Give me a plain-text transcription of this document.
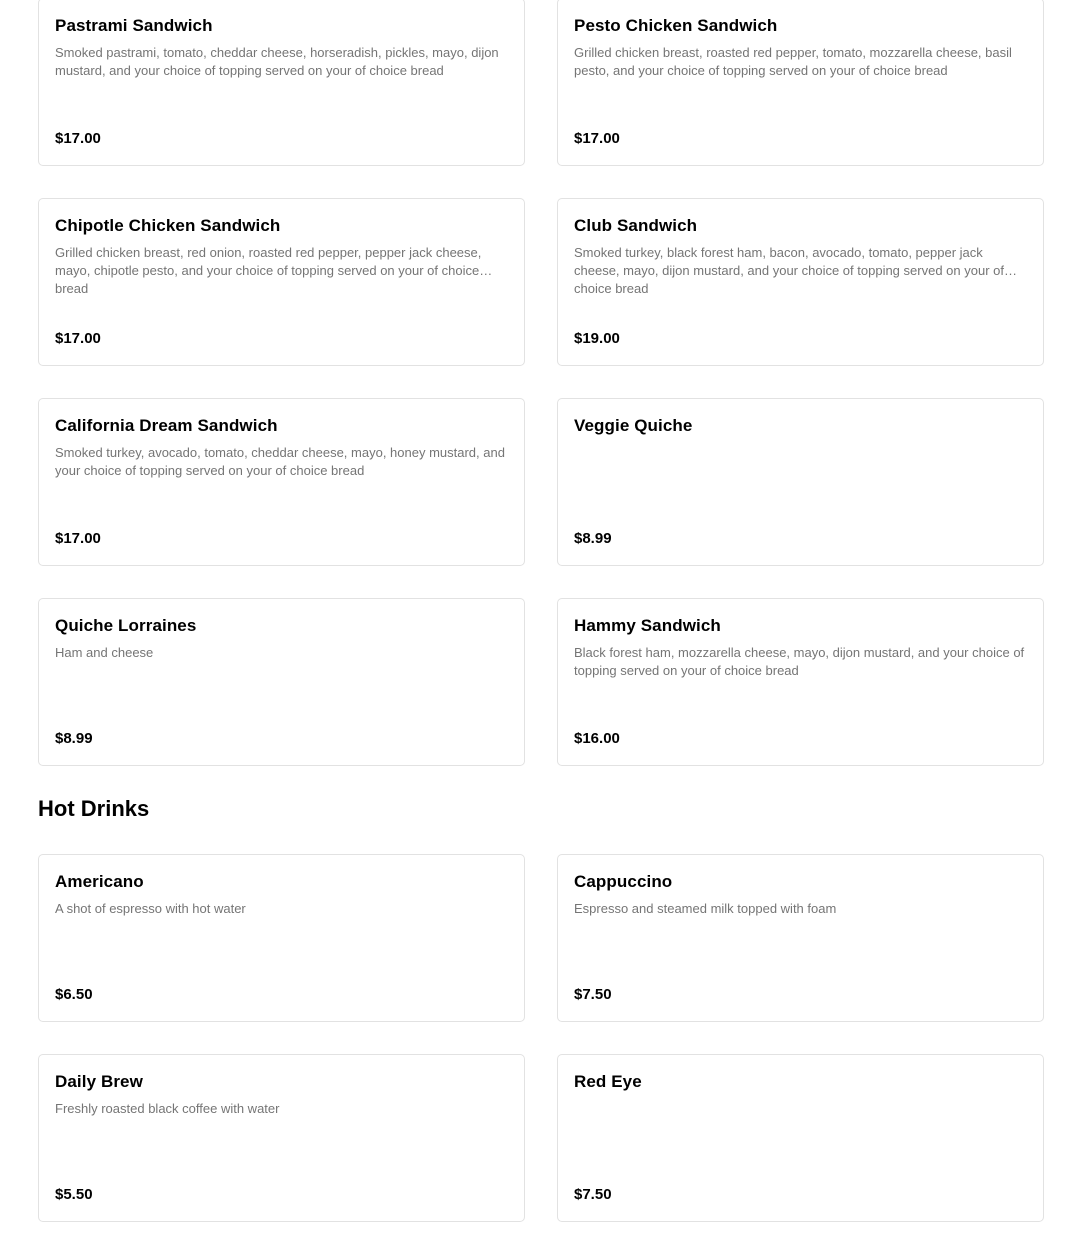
Pastrami Sandwich
Smoked pastrami, tomato, cheddar cheese, horseradish, pickles, mayo, dijon mustard, and your choice of topping served on your of choice bread
$17.00
Pesto Chicken Sandwich
Grilled chicken breast, roasted red pepper, tomato, mozzarella cheese, basil pesto, and your choice of topping served on your of choice bread
$17.00
Chipotle Chicken Sandwich
Grilled chicken breast, red onion, roasted red pepper, pepper jack cheese, mayo, chipotle pesto, and your choice of topping served on your of choice bread
$17.00
Club Sandwich
Smoked turkey, black forest ham, bacon, avocado, tomato, pepper jack cheese, mayo, dijon mustard, and your choice of topping served on your of choice bread
$19.00
California Dream Sandwich
Smoked turkey, avocado, tomato, cheddar cheese, mayo, honey mustard, and your choice of topping served on your of choice bread
$17.00
Veggie Quiche
$8.99
Quiche Lorraines
Ham and cheese
$8.99
Hammy Sandwich
Black forest ham, mozzarella cheese, mayo, dijon mustard, and your choice of topping served on your of choice bread
$16.00
Hot Drinks
Americano
A shot of espresso with hot water
$6.50
Cappuccino
Espresso and steamed milk topped with foam
$7.50
Daily Brew
Freshly roasted black coffee with water
$5.50
Red Eye
$7.50
